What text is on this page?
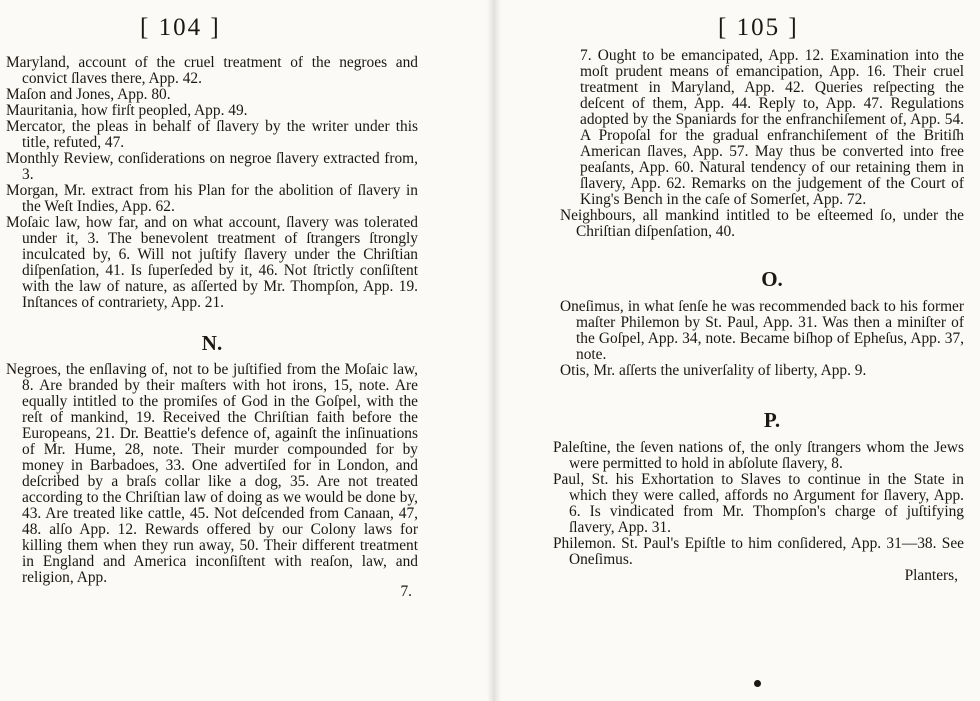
[ 104 ]

Maryland, account of the cruel treatment of the negroes and convict ſlaves there, App. 42.

Maſon and Jones, App. 80.

Mauritania, how firſt peopled, App. 49.

Mercator, the pleas in behalf of ſlavery by the writer under this title, refuted, 47.

Monthly Review, conſiderations on negroe ſlavery extracted from, 3.

Morgan, Mr. extract from his Plan for the abolition of ſlavery in the Weſt Indies, App. 62.

Moſaic law, how far, and on what account, ſlavery was tolerated under it, 3. The benevolent treatment of ſtrangers ſtrongly inculcated by, 6. Will not juſtify ſlavery under the Chriſtian diſpenſation, 41. Is ſuperſeded by it, 46. Not ſtrictly conſiſtent with the law of nature, as aſſerted by Mr. Thompſon, App. 19. Inſtances of contrariety, App. 21.

N.

Negroes, the enſlaving of, not to be juſtified from the Moſaic law, 8. Are branded by their maſters with hot irons, 15, note. Are equally intitled to the promiſes of God in the Goſpel, with the reſt of mankind, 19. Received the Chriſtian faith before the Europeans, 21. Dr. Beattie's defence of, againſt the inſinuations of Mr. Hume, 28, note. Their murder compounded for by money in Barbadoes, 33. One advertiſed for in London, and deſcribed by a braſs collar like a dog, 35. Are not treated according to the Chriſtian law of doing as we would be done by, 43. Are treated like cattle, 45. Not deſcended from Canaan, 47, 48. alſo App. 12. Rewards offered by our Colony laws for killing them when they run away, 50. Their different treatment in England and America inconſiſtent with reaſon, law, and religion, App.

7.

[ 105 ]

7. Ought to be emancipated, App. 12. Examination into the moſt prudent means of emancipation, App. 16. Their cruel treatment in Maryland, App. 42. Queries reſpecting the deſcent of them, App. 44. Reply to, App. 47. Regulations adopted by the Spaniards for the enfranchiſement of, App. 54. A Propoſal for the gradual enfranchiſement of the Britiſh American ſlaves, App. 57. May thus be converted into free peaſants, App. 60. Natural tendency of our retaining them in ſlavery, App. 62. Remarks on the judgement of the Court of King's Bench in the caſe of Somerſet, App. 72.

Neighbours, all mankind intitled to be eſteemed ſo, under the Chriſtian diſpenſation, 40.

O.

Oneſimus, in what ſenſe he was recommended back to his former maſter Philemon by St. Paul, App. 31. Was then a miniſter of the Goſpel, App. 34, note. Became biſhop of Epheſus, App. 37, note.

Otis, Mr. aſſerts the univerſality of liberty, App. 9.

P.

Paleſtine, the ſeven nations of, the only ſtrangers whom the Jews were permitted to hold in abſolute ſlavery, 8.

Paul, St. his Exhortation to Slaves to continue in the State in which they were called, affords no Argument for ſlavery, App. 6. Is vindicated from Mr. Thompſon's charge of juſtifying ſlavery, App. 31.

Philemon. St. Paul's Epiſtle to him conſidered, App. 31—38. See Oneſimus.

Planters,
